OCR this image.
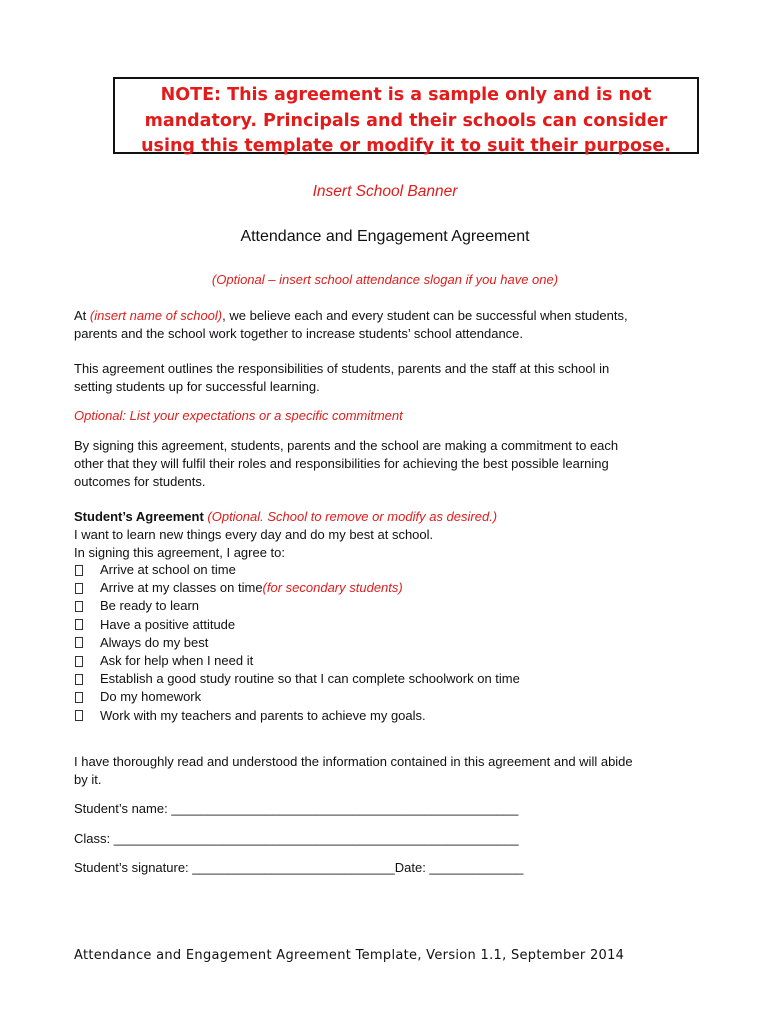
NOTE: This agreement is a sample only and is not
mandatory. Principals and their schools can consider
using this template or modify it to suit their purpose.
Insert School Banner
Attendance and Engagement Agreement
(Optional – insert school attendance slogan if you have one)
At (insert name of school), we believe each and every student can be successful when students,
parents and the school work together to increase students’ school attendance.
This agreement outlines the responsibilities of students, parents and the staff at this school in
setting students up for successful learning.
Optional: List your expectations or a specific commitment
By signing this agreement, students, parents and the school are making a commitment to each
other that they will fulfil their roles and responsibilities for achieving the best possible learning
outcomes for students.
Student’s Agreement (Optional. School to remove or modify as desired.)
I want to learn new things every day and do my best at school.
In signing this agreement, I agree to:
Arrive at school on time
Arrive at my classes on time (for secondary students)
Be ready to learn
Have a positive attitude
Always do my best
Ask for help when I need it
Establish a good study routine so that I can complete schoolwork on time
Do my homework
Work with my teachers and parents to achieve my goals.
I have thoroughly read and understood the information contained in this agreement and will abide
by it.
Student’s name: ________________________________________________
Class: ________________________________________________________
Student’s signature: ____________________________Date: _____________
Attendance and Engagement Agreement Template, Version 1.1, September 2014
